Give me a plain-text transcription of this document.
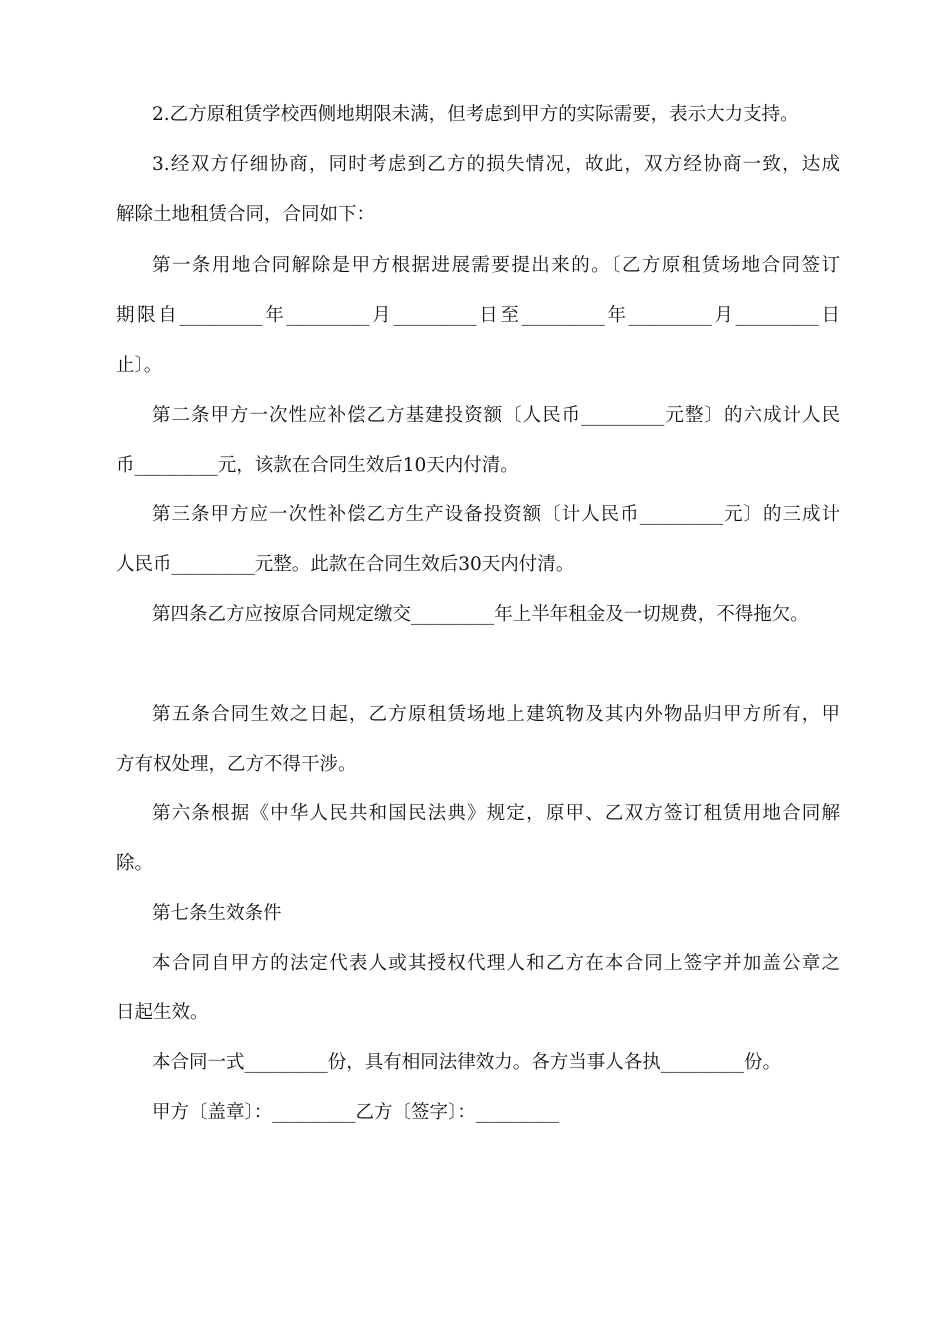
2.乙方原租赁学校西侧地期限未满，但考虑到甲方的实际需要，表示大力支持。
3.经双方仔细协商，同时考虑到乙方的损失情况，故此，双方经协商一致，达成
解除土地租赁合同，合同如下：
第一条用地合同解除是甲方根据进展需要提出来的。〔乙方原租赁场地合同签订
期限自_________年_________月_________日至_________年_________月_________日
止〕。
第二条甲方一次性应补偿乙方基建投资额〔人民币_________元整〕的六成计人民
币_________元，该款在合同生效后10天内付清。
第三条甲方应一次性补偿乙方生产设备投资额〔计人民币_________元〕的三成计
人民币_________元整。此款在合同生效后30天内付清。
第四条乙方应按原合同规定缴交_________年上半年租金及一切规费，不得拖欠。
第五条合同生效之日起，乙方原租赁场地上建筑物及其内外物品归甲方所有，甲
方有权处理，乙方不得干涉。
第六条根据《中华人民共和国民法典》规定，原甲、乙双方签订租赁用地合同解
除。
第七条生效条件
本合同自甲方的法定代表人或其授权代理人和乙方在本合同上签字并加盖公章之
日起生效。
本合同一式_________份，具有相同法律效力。各方当事人各执_________份。
甲方〔盖章〕：_________乙方〔签字〕：_________
